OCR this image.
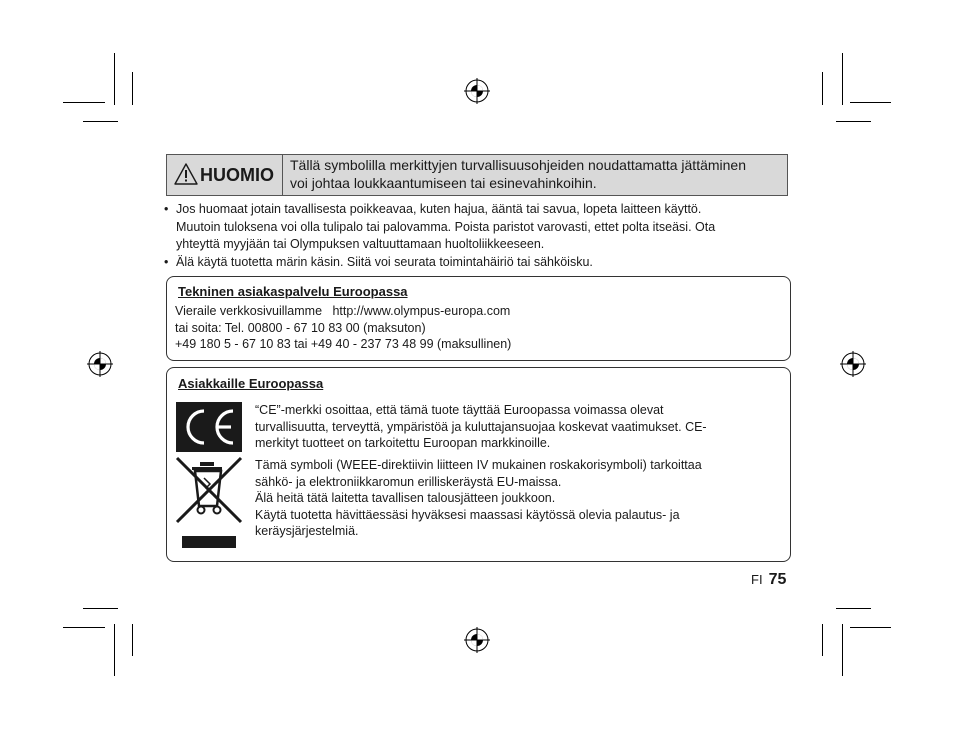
HUOMIO Tällä symbolilla merkittyjen turvallisuusohjeiden noudattamatta jättäminen
voi johtaa loukkaantumiseen tai esinevahinkoihin.
• Jos huomaat jotain tavallisesta poikkeavaa, kuten hajua, ääntä tai savua, lopeta laitteen käyttö.
Muutoin tuloksena voi olla tulipalo tai palovamma. Poista paristot varovasti, ettet polta itseäsi. Ota
yhteyttä myyjään tai Olympuksen valtuuttamaan huoltoliikkeeseen.
• Älä käytä tuotetta märin käsin. Siitä voi seurata toimintahäiriö tai sähköisku.
Tekninen asiakaspalvelu Euroopassa
Vieraile verkkosivuillamme   http://www.olympus-europa.com
tai soita: Tel. 00800 - 67 10 83 00 (maksuton)
+49 180 5 - 67 10 83 tai +49 40 - 237 73 48 99 (maksullinen)
Asiakkaille Euroopassa
“CE”-merkki osoittaa, että tämä tuote täyttää Euroopassa voimassa olevat
turvallisuutta, terveyttä, ympäristöä ja kuluttajansuojaa koskevat vaatimukset. CE-
merkityt tuotteet on tarkoitettu Euroopan markkinoille.
Tämä symboli (WEEE-direktiivin liitteen IV mukainen roskakorisymboli) tarkoittaa
sähkö- ja elektroniikkaromun erilliskeräystä EU-maissa.
Älä heitä tätä laitetta tavallisen talousjätteen joukkoon.
Käytä tuotetta hävittäessäsi hyväksesi maassasi käytössä olevia palautus- ja
keräysjärjestelmiä.
FI 75
